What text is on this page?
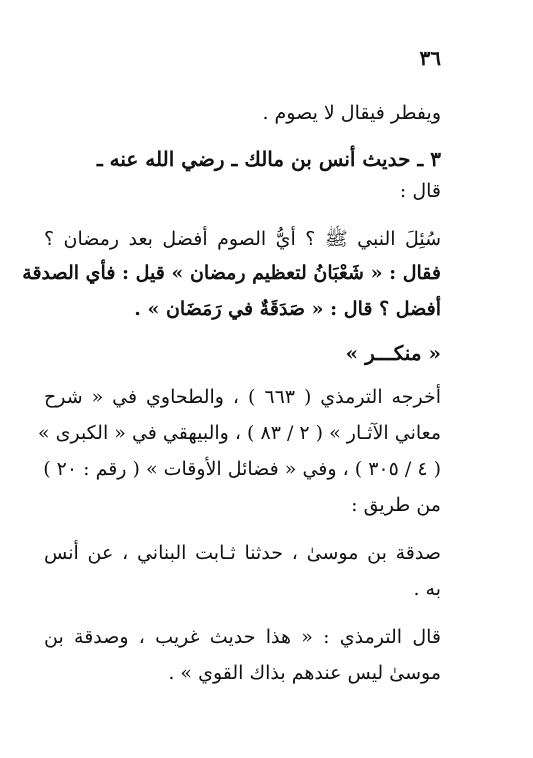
٣٦
ويفطر فيقال لا يصوم .
٣ ـ حديث أنس بن مالك ـ رضي الله عنه ـ
قال :
سُئِلَ النبي ﷺ ؟ أيُّ الصوم أفضل بعد رمضان ؟
فقال : « شَعْبَانُ لتعظيم رمضان » قيل : فأي الصدقة
أفضل ؟ قال : « صَدَقَةٌ في رَمَضَان » .
« منكـــر »
أخرجه الترمذي ( ٦٦٣ ) ، والطحاوي في « شرح
معاني الآثـار » ( ٢ / ٨٣ ) ، والبيهقي في « الكبرى »
( ٤ / ٣٠٥ ) ، وفي « فضائل الأوقات » ( رقم : ٢٠ )
من طريق :
صدقة بن موسىٰ ، حدثنا ثـابت البناني ، عن أنس
به .
قال الترمذي : « هذا حديث غريب ، وصدقة بن
موسىٰ ليس عندهم بذاك القوي » .
